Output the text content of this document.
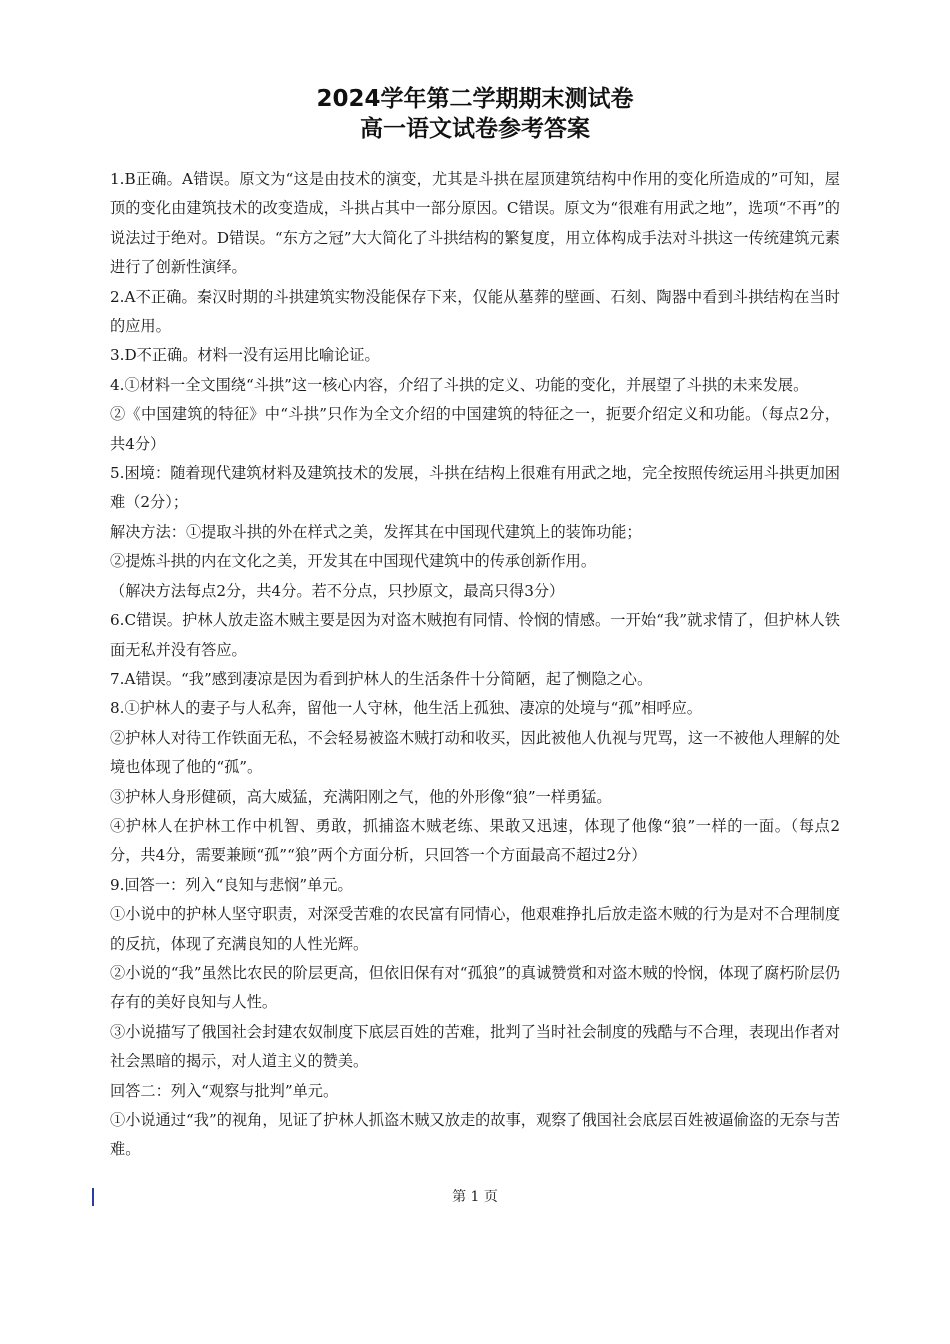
2024学年第二学期期末测试卷

高一语文试卷参考答案

1.B正确。A错误。原文为“这是由技术的演变，尤其是斗拱在屋顶建筑结构中作用的变化所造成的”可知，屋顶的变化由建筑技术的改变造成，斗拱占其中一部分原因。C错误。原文为“很难有用武之地”，选项“不再”的说法过于绝对。D错误。“东方之冠”大大简化了斗拱结构的繁复度，用立体构成手法对斗拱这一传统建筑元素进行了创新性演绎。

2.A不正确。秦汉时期的斗拱建筑实物没能保存下来，仅能从墓葬的壁画、石刻、陶器中看到斗拱结构在当时的应用。

3.D不正确。材料一没有运用比喻论证。

4.①材料一全文围绕“斗拱”这一核心内容，介绍了斗拱的定义、功能的变化，并展望了斗拱的未来发展。

②《中国建筑的特征》中“斗拱”只作为全文介绍的中国建筑的特征之一，扼要介绍定义和功能。（每点2分，共4分）

5.困境：随着现代建筑材料及建筑技术的发展，斗拱在结构上很难有用武之地，完全按照传统运用斗拱更加困难（2分）；

解决方法：①提取斗拱的外在样式之美，发挥其在中国现代建筑上的装饰功能；

②提炼斗拱的内在文化之美，开发其在中国现代建筑中的传承创新作用。

（解决方法每点2分，共4分。若不分点，只抄原文，最高只得3分）

6.C错误。护林人放走盗木贼主要是因为对盗木贼抱有同情、怜悯的情感。一开始“我”就求情了，但护林人铁面无私并没有答应。

7.A错误。“我”感到凄凉是因为看到护林人的生活条件十分简陋，起了恻隐之心。

8.①护林人的妻子与人私奔，留他一人守林，他生活上孤独、凄凉的处境与“孤”相呼应。

②护林人对待工作铁面无私，不会轻易被盗木贼打动和收买，因此被他人仇视与咒骂，这一不被他人理解的处境也体现了他的“孤”。

③护林人身形健硕，高大威猛，充满阳刚之气，他的外形像“狼”一样勇猛。

④护林人在护林工作中机智、勇敢，抓捕盗木贼老练、果敢又迅速，体现了他像“狼”一样的一面。（每点2分，共4分，需要兼顾“孤”“狼”两个方面分析，只回答一个方面最高不超过2分）

9.回答一：列入“良知与悲悯”单元。

①小说中的护林人坚守职责，对深受苦难的农民富有同情心，他艰难挣扎后放走盗木贼的行为是对不合理制度的反抗，体现了充满良知的人性光辉。

②小说的“我”虽然比农民的阶层更高，但依旧保有对“孤狼”的真诚赞赏和对盗木贼的怜悯，体现了腐朽阶层仍存有的美好良知与人性。

③小说描写了俄国社会封建农奴制度下底层百姓的苦难，批判了当时社会制度的残酷与不合理，表现出作者对社会黑暗的揭示，对人道主义的赞美。

回答二：列入“观察与批判”单元。

①小说通过“我”的视角，见证了护林人抓盗木贼又放走的故事，观察了俄国社会底层百姓被逼偷盗的无奈与苦难。

第 1 页
